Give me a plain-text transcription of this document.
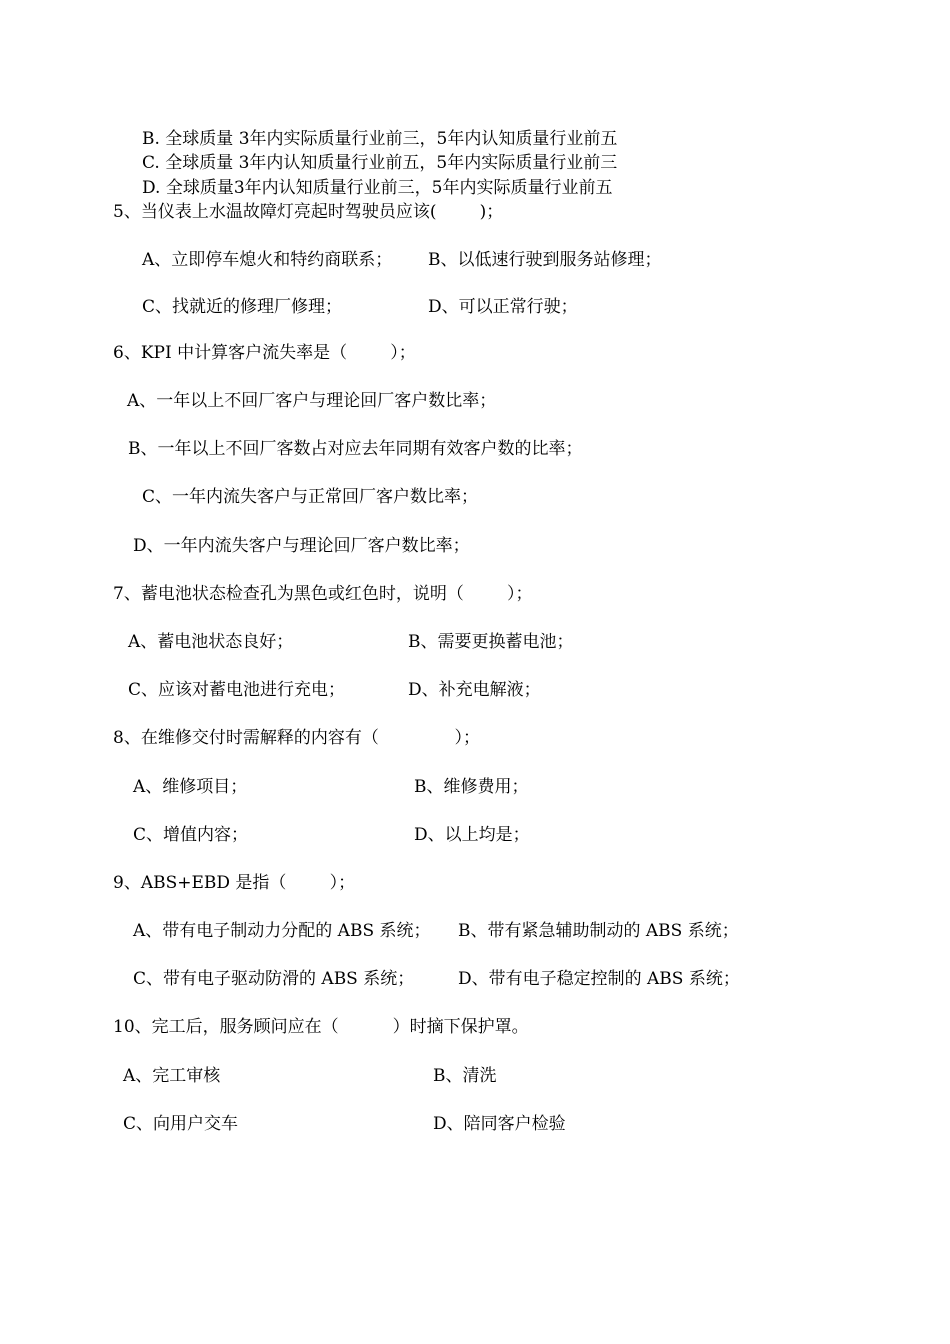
B. 全球质量 3年内实际质量行业前三，5年内认知质量行业前五
C. 全球质量 3年内认知质量行业前五，5年内实际质量行业前三
D. 全球质量3年内认知质量行业前三，5年内实际质量行业前五
5、当仪表上水温故障灯亮起时驾驶员应该(        )；
A、立即停车熄火和特约商联系； B、以低速行驶到服务站修理；
C、找就近的修理厂修理；	D、可以正常行驶；
6、KPI 中计算客户流失率是（        ）；
A、一年以上不回厂客户与理论回厂客户数比率；
B、一年以上不回厂客数占对应去年同期有效客户数的比率；
C、一年内流失客户与正常回厂客户数比率；
D、一年内流失客户与理论回厂客户数比率；
7、蓄电池状态检查孔为黑色或红色时，说明（        ）；
A、蓄电池状态良好；	B、需要更换蓄电池；
C、应该对蓄电池进行充电；	D、补充电解液；
8、在维修交付时需解释的内容有（              ）；
A、维修项目；	B、维修费用；
C、增值内容；	D、以上均是；
9、ABS+EBD 是指（        ）；
A、带有电子制动力分配的 ABS 系统； B、带有紧急辅助制动的 ABS 系统；
C、带有电子驱动防滑的 ABS 系统；	D、带有电子稳定控制的 ABS 系统；
10、完工后，服务顾问应在（          ）时摘下保护罩。
A、完工审核	B、清洗
C、向用户交车	D、陪同客户检验
